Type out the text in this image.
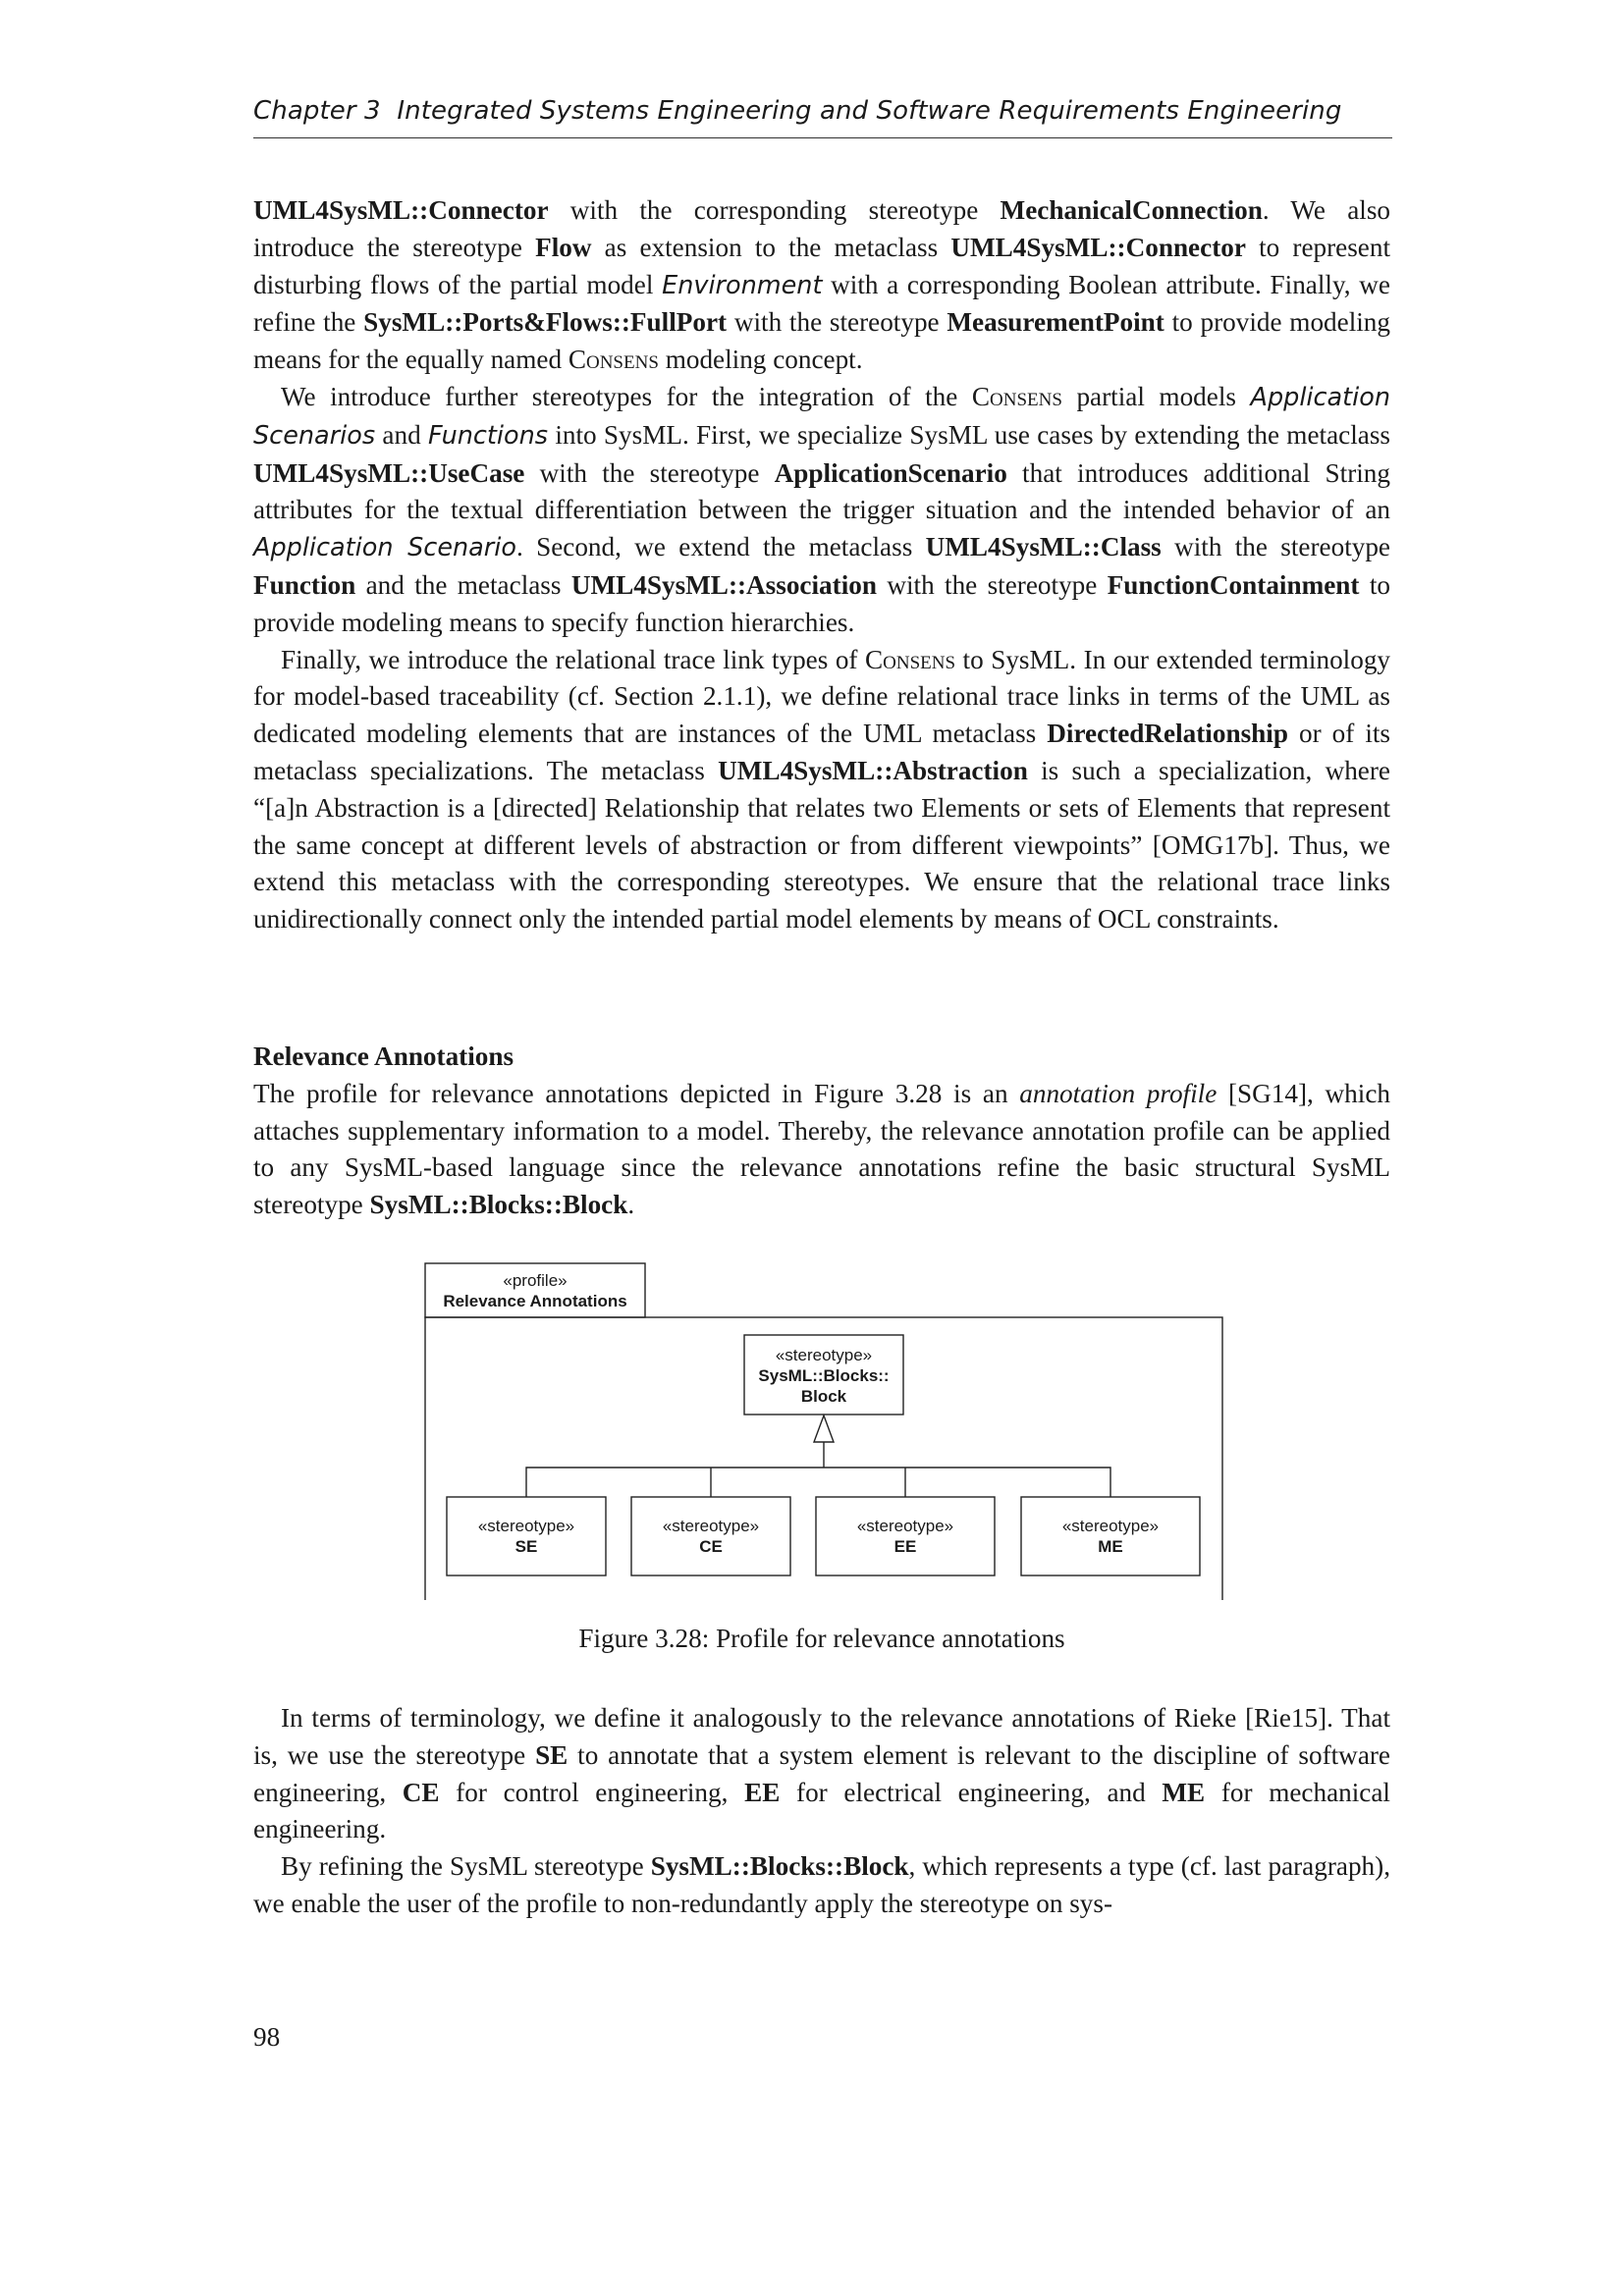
Chapter 3 Integrated Systems Engineering and Software Requirements Engineering

UML4SysML::Connector with the corresponding stereotype MechanicalConnection. We also introduce the stereotype Flow as extension to the metaclass UML4SysML::Connector to represent disturbing flows of the partial model Environment with a corresponding Boolean attribute. Finally, we refine the SysML::Ports&Flows::FullPort with the stereotype MeasurementPoint to provide modeling means for the equally named Consens modeling concept.

We introduce further stereotypes for the integration of the Consens partial models Application Scenarios and Functions into SysML. First, we specialize SysML use cases by extending the metaclass UML4SysML::UseCase with the stereotype ApplicationScenario that introduces additional String attributes for the textual differentiation between the trigger situation and the intended behavior of an Application Scenario. Second, we extend the metaclass UML4SysML::Class with the stereotype Function and the metaclass UML4SysML::Association with the stereotype FunctionContainment to provide modeling means to specify function hierarchies.

Finally, we introduce the relational trace link types of Consens to SysML. In our extended terminology for model-based traceability (cf. Section 2.1.1), we define relational trace links in terms of the UML as dedicated modeling elements that are instances of the UML metaclass DirectedRelationship or of its metaclass specializations. The metaclass UML4SysML::Abstraction is such a specialization, where “[a]n Abstraction is a [directed] Relationship that relates two Elements or sets of Elements that represent the same concept at different levels of abstraction or from different viewpoints” [OMG17b]. Thus, we extend this metaclass with the corresponding stereotypes. We ensure that the relational trace links unidirectionally connect only the intended partial model elements by means of OCL constraints.

Relevance Annotations

The profile for relevance annotations depicted in Figure 3.28 is an annotation profile [SG14], which attaches supplementary information to a model. Thereby, the relevance annotation profile can be applied to any SysML-based language since the relevance annotations refine the basic structural SysML stereotype SysML::Blocks::Block.

«profile»
Relevance Annotations
«stereotype»
SysML::Blocks::
Block
«stereotype»
SE
«stereotype»
CE
«stereotype»
EE
«stereotype»
ME
Figure 3.28: Profile for relevance annotations

In terms of terminology, we define it analogously to the relevance annotations of Rieke [Rie15]. That is, we use the stereotype SE to annotate that a system element is relevant to the discipline of software engineering, CE for control engineering, EE for electrical engineering, and ME for mechanical engineering.

By refining the SysML stereotype SysML::Blocks::Block, which represents a type (cf. last paragraph), we enable the user of the profile to non-redundantly apply the stereotype on sys-

98
